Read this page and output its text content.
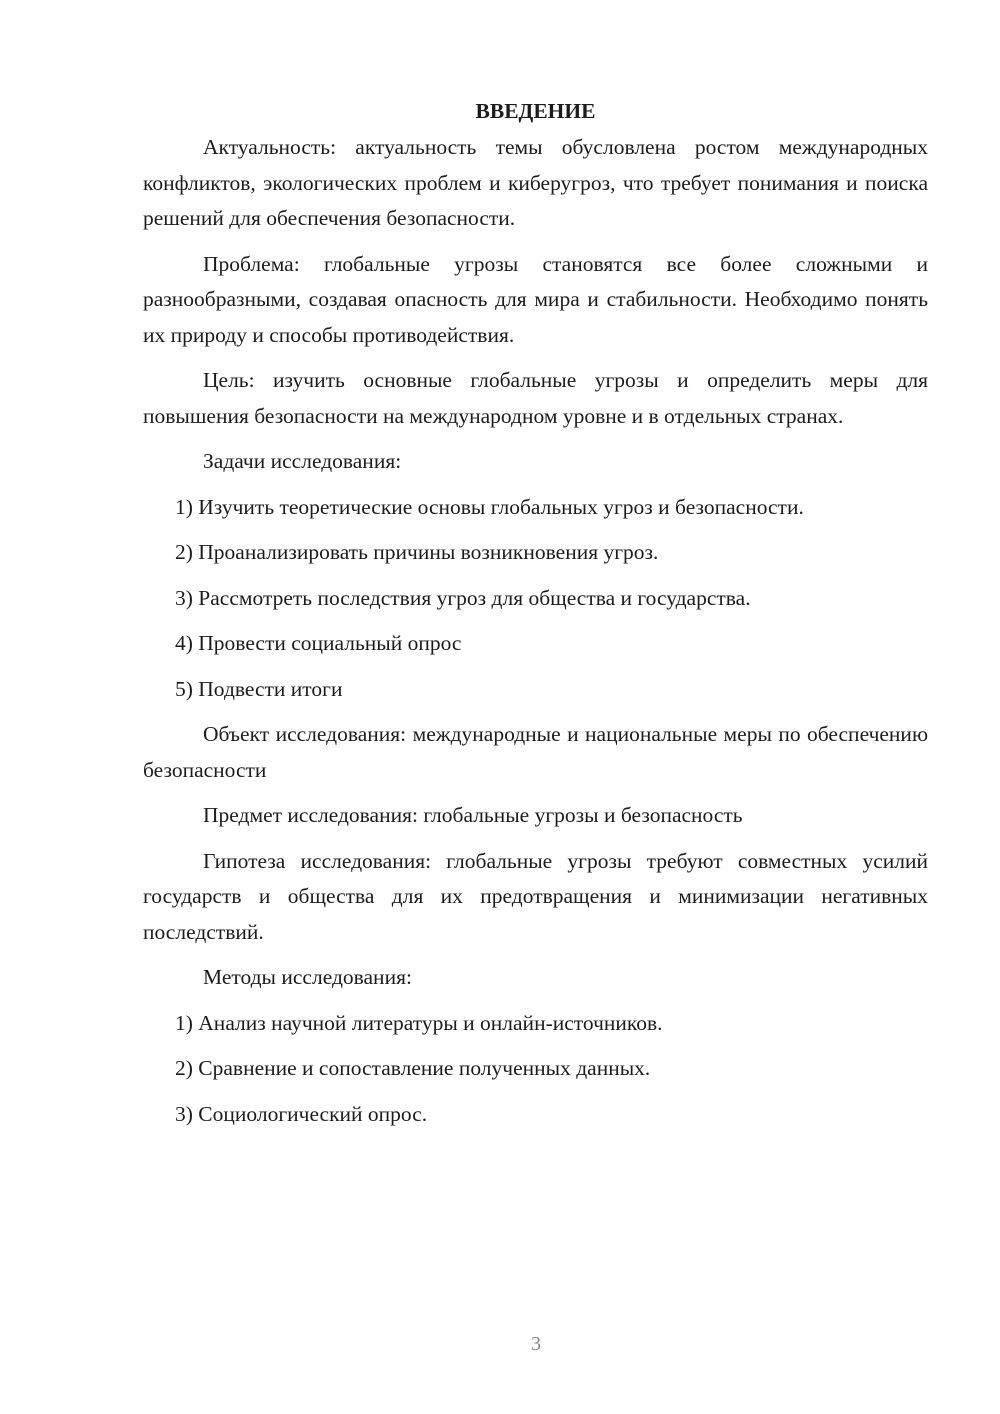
ВВЕДЕНИЕ

Актуальность: актуальность темы обусловлена ростом международных конфликтов, экологических проблем и киберугроз, что требует понимания и поиска решений для обеспечения безопасности.

Проблема: глобальные угрозы становятся все более сложными и разнообразными, создавая опасность для мира и стабильности. Необходимо понять их природу и способы противодействия.

Цель: изучить основные глобальные угрозы и определить меры для повышения безопасности на международном уровне и в отдельных странах.

Задачи исследования:

1) Изучить теоретические основы глобальных угроз и безопасности.
2) Проанализировать причины возникновения угроз.
3) Рассмотреть последствия угроз для общества и государства.
4) Провести социальный опрос
5) Подвести итоги

Объект исследования: международные и национальные меры по обеспечению безопасности

Предмет исследования: глобальные угрозы и безопасность

Гипотеза исследования: глобальные угрозы требуют совместных усилий государств и общества для их предотвращения и минимизации негативных последствий.

Методы исследования:

1) Анализ научной литературы и онлайн-источников.
2) Сравнение и сопоставление полученных данных.
3) Социологический опрос.
3
